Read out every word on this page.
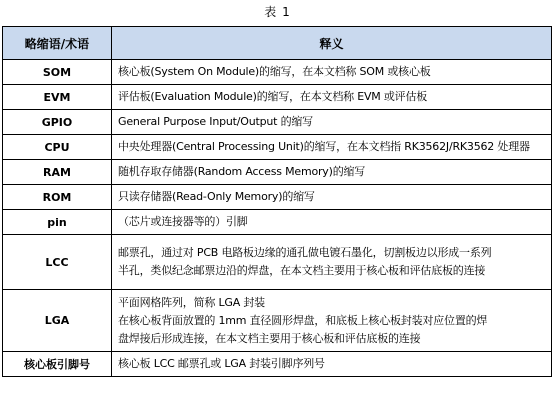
表 1
略缩语/术语	释义
SOM	核心板(System On Module)的缩写，在本文档称 SOM 或核心板

EVM	评估板(Evaluation Module)的缩写，在本文档称 EVM 或评估板

GPIO	General Purpose Input/Output 的缩写

CPU	中央处理器(Central Processing Unit)的缩写，在本文档指 RK3562J/RK3562 处理器

RAM	随机存取存储器(Random Access Memory)的缩写

ROM	只读存储器(Read-Only Memory)的缩写

pin	（芯片或连接器等的）引脚

LCC	邮票孔，通过对 PCB 电路板边缘的通孔做电镀石墨化，切割板边以形成一系列
半孔，类似纪念邮票边沿的焊盘，在本文档主要用于核心板和评估底板的连接

LGA	平面网格阵列，简称 LGA 封装
在核心板背面放置的 1mm 直径圆形焊盘，和底板上核心板封装对应位置的焊
盘焊接后形成连接，在本文档主要用于核心板和评估底板的连接

核心板引脚号	核心板 LCC 邮票孔或 LGA 封装引脚序列号
